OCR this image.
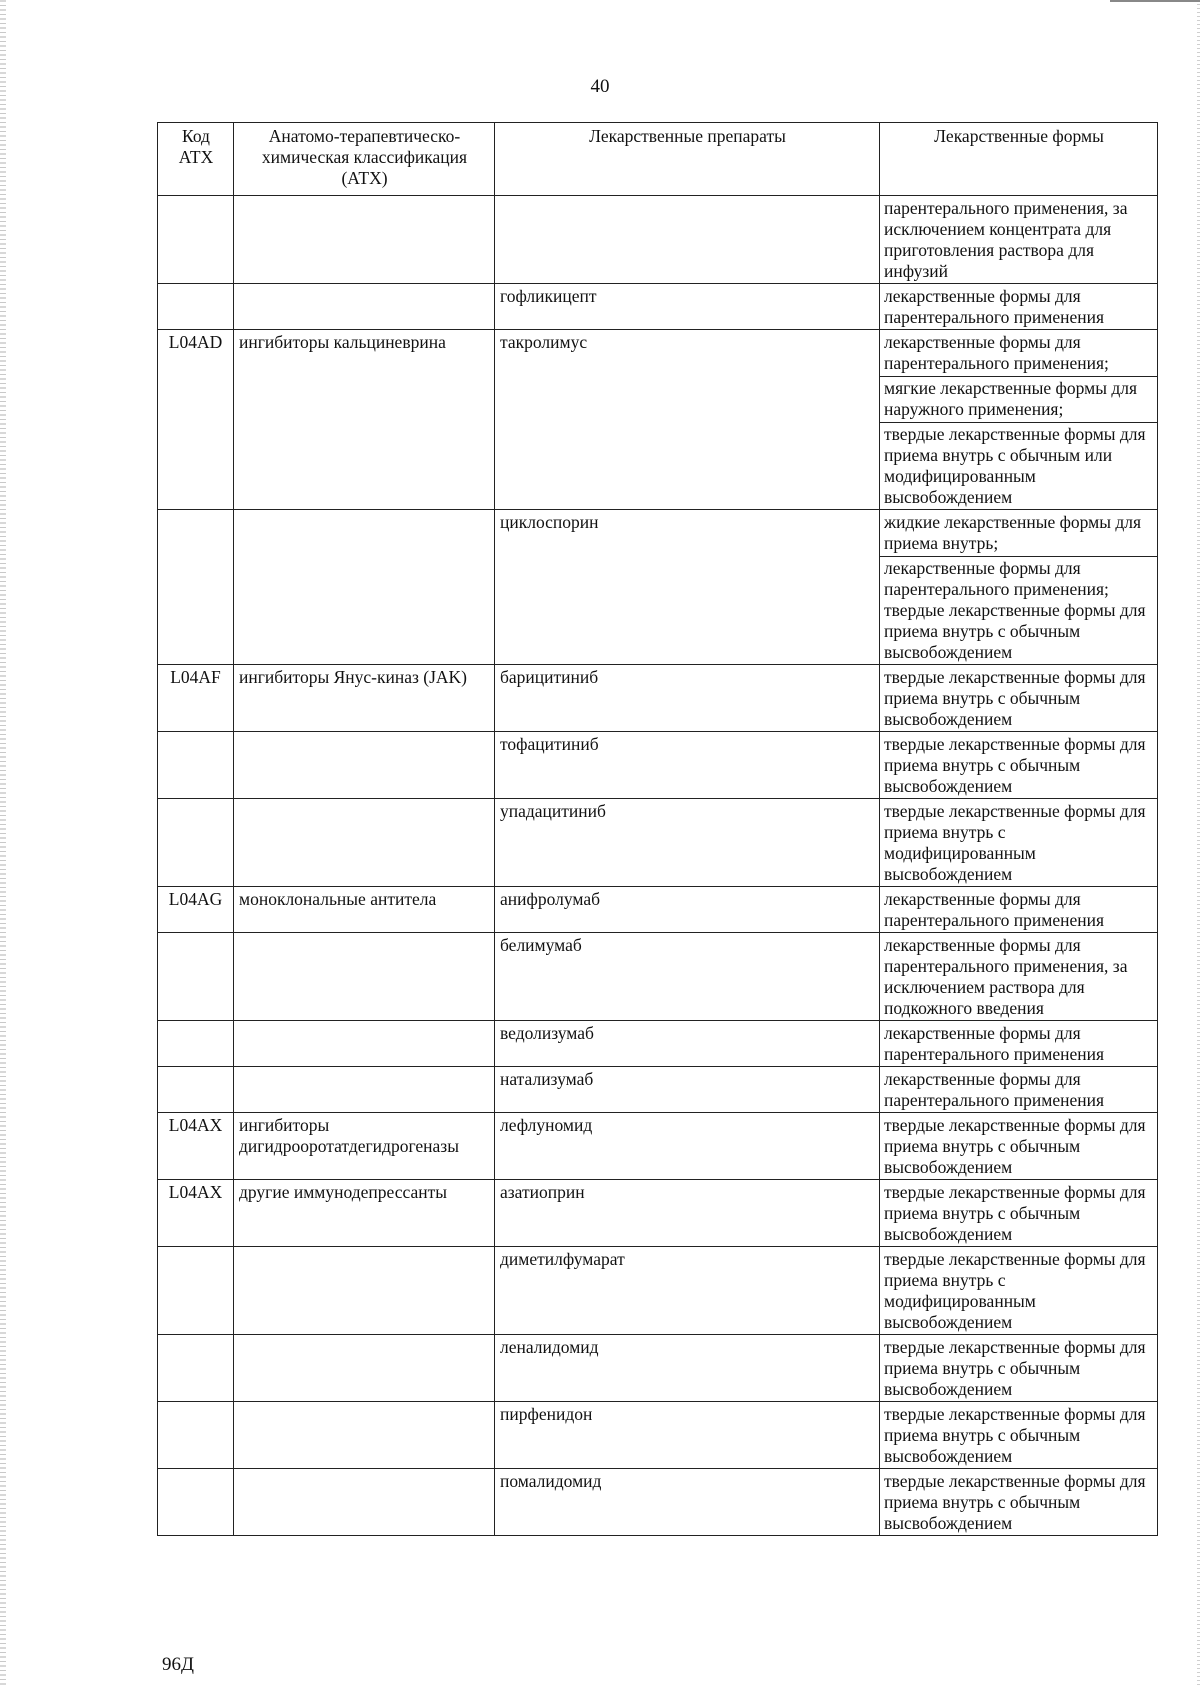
40
Код АТХ	Анатомо-терапевтическо-химическая классификация (АТХ)	Лекарственные препараты	Лекарственные формы

			парентерального применения, за исключением концентрата для приготовления раствора для инфузий

		гофликицепт	лекарственные формы для парентерального применения

L04AD	ингибиторы кальциневрина	такролимус	лекарственные формы для парентерального применения;
мягкие лекарственные формы для наружного применения;
твердые лекарственные формы для приема внутрь с обычным или модифицированным высвобождением

		циклоспорин	жидкие лекарственные формы для приема внутрь;
лекарственные формы для парентерального применения; твердые лекарственные формы для приема внутрь с обычным высвобождением

L04AF	ингибиторы Янус-киназ (JAK)	барицитиниб	твердые лекарственные формы для приема внутрь с обычным высвобождением

		тофацитиниб	твердые лекарственные формы для приема внутрь с обычным высвобождением

		упадацитиниб	твердые лекарственные формы для приема внутрь с модифицированным высвобождением

L04AG	моноклональные антитела	анифролумаб	лекарственные формы для парентерального применения

		белимумаб	лекарственные формы для парентерального применения, за исключением раствора для подкожного введения

		ведолизумаб	лекарственные формы для парентерального применения

		натализумаб	лекарственные формы для парентерального применения

L04AX	ингибиторы дигидрооротатдегидрогеназы	лефлуномид	твердые лекарственные формы для приема внутрь с обычным высвобождением

L04AX	другие иммунодепрессанты	азатиоприн	твердые лекарственные формы для приема внутрь с обычным высвобождением

		диметилфумарат	твердые лекарственные формы для приема внутрь с модифицированным высвобождением

		леналидомид	твердые лекарственные формы для приема внутрь с обычным высвобождением

		пирфенидон	твердые лекарственные формы для приема внутрь с обычным высвобождением

		помалидомид	твердые лекарственные формы для приема внутрь с обычным высвобождением
96Д
